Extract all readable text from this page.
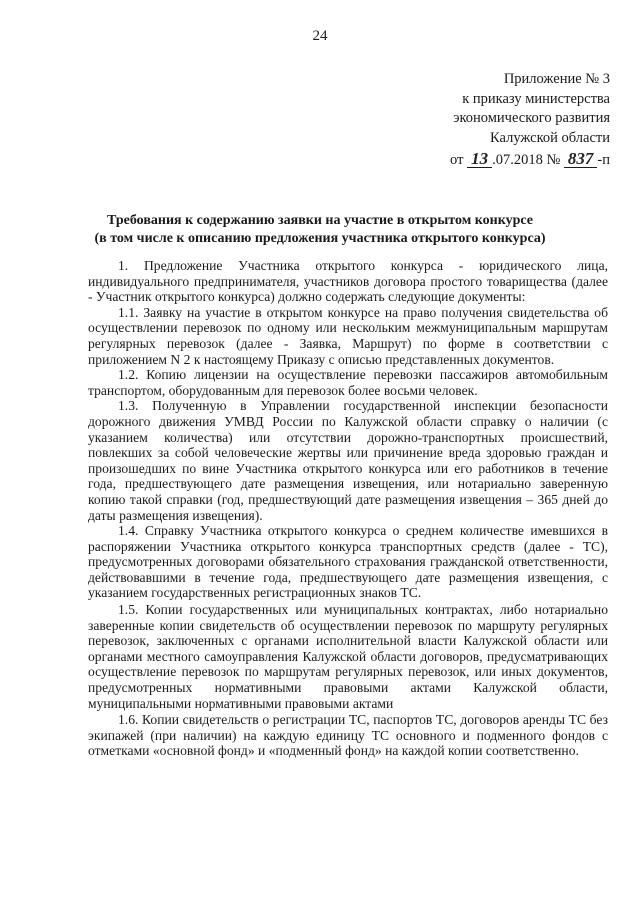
24
Приложение № 3
к приказу министерства
экономического развития
Калужской области
от 13 .07.2018 № 837 -п
Требования к содержанию заявки на участие в открытом конкурсе
(в том числе к описанию предложения участника открытого конкурса)

1. Предложение Участника открытого конкурса - юридического лица, индивидуального предпринимателя, участников договора простого товарищества (далее - Участник открытого конкурса) должно содержать следующие документы:

1.1. Заявку на участие в открытом конкурсе на право получения свидетельства об осуществлении перевозок по одному или нескольким межмуниципальным маршрутам регулярных перевозок (далее - Заявка, Маршрут) по форме в соответствии с приложением N 2 к настоящему Приказу с описью представленных документов.

1.2. Копию лицензии на осуществление перевозки пассажиров автомобильным транспортом, оборудованным для перевозок более восьми человек.

1.3. Полученную в Управлении государственной инспекции безопасности дорожного движения УМВД России по Калужской области справку о наличии (с указанием количества) или отсутствии дорожно-транспортных происшествий, повлекших за собой человеческие жертвы или причинение вреда здоровью граждан и произошедших по вине Участника открытого конкурса или его работников в течение года, предшествующего дате размещения извещения, или нотариально заверенную копию такой справки (год, предшествующий дате размещения извещения – 365 дней до даты размещения извещения).

1.4. Справку Участника открытого конкурса о среднем количестве имевшихся в распоряжении Участника открытого конкурса транспортных средств (далее - ТС), предусмотренных договорами обязательного страхования гражданской ответственности, действовавшими в течение года, предшествующего дате размещения извещения, с указанием государственных регистрационных знаков ТС.

1.5. Копии государственных или муниципальных контрактах, либо нотариально заверенные копии свидетельств об осуществлении перевозок по маршруту регулярных перевозок, заключенных с органами исполнительной власти Калужской области или органами местного самоуправления Калужской области договоров, предусматривающих осуществление перевозок по маршрутам регулярных перевозок, или иных документов, предусмотренных нормативными правовыми актами Калужской области, муниципальными нормативными правовыми актами

1.6. Копии свидетельств о регистрации ТС, паспортов ТС, договоров аренды ТС без экипажей (при наличии) на каждую единицу ТС основного и подменного фондов с отметками «основной фонд» и «подменный фонд» на каждой копии соответственно.
